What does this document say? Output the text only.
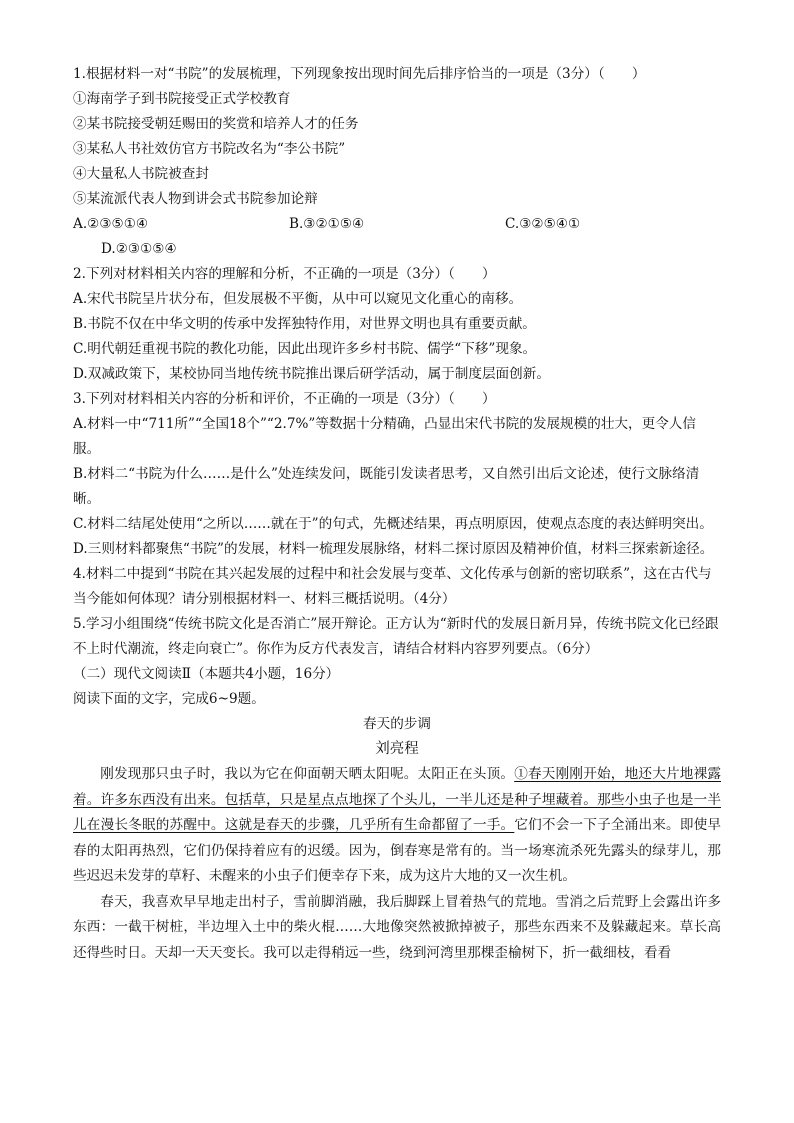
1.根据材料一对“书院”的发展梳理，下列现象按出现时间先后排序恰当的一项是（3分）（　　）
①海南学子到书院接受正式学校教育
②某书院接受朝廷赐田的奖赏和培养人才的任务
③某私人书社效仿官方书院改名为“李公书院”
④大量私人书院被查封
⑤某流派代表人物到讲会式书院参加论辩
A.②③⑤①④	B.③②①⑤④	C.③②⑤④①
D.②③①⑤④
2.下列对材料相关内容的理解和分析，不正确的一项是（3分）（　　）
A.宋代书院呈片状分布，但发展极不平衡，从中可以窥见文化重心的南移。
B.书院不仅在中华文明的传承中发挥独特作用，对世界文明也具有重要贡献。
C.明代朝廷重视书院的教化功能，因此出现许多乡村书院、儒学“下移”现象。
D.双减政策下，某校协同当地传统书院推出课后研学活动，属于制度层面创新。
3.下列对材料相关内容的分析和评价，不正确的一项是（3分）（　　）
A.材料一中“711所”“全国18个”“2.7%”等数据十分精确，凸显出宋代书院的发展规模的壮大，更令人信服。
B.材料二“书院为什么……是什么”处连续发问，既能引发读者思考，又自然引出后文论述，使行文脉络清晰。
C.材料二结尾处使用“之所以……就在于”的句式，先概述结果，再点明原因，使观点态度的表达鲜明突出。
D.三则材料都聚焦“书院”的发展，材料一梳理发展脉络，材料二探讨原因及精神价值，材料三探索新途径。
4.材料二中提到“书院在其兴起发展的过程中和社会发展与变革、文化传承与创新的密切联系”，这在古代与当今能如何体现？请分别根据材料一、材料三概括说明。（4分）
5.学习小组围绕“传统书院文化是否消亡”展开辩论。正方认为“新时代的发展日新月异，传统书院文化已经跟不上时代潮流，终走向衰亡”。你作为反方代表发言，请结合材料内容罗列要点。（6分）
（二）现代文阅读Ⅱ（本题共4小题，16分）
阅读下面的文字，完成6~9题。
春天的步调
刘亮程
刚发现那只虫子时，我以为它在仰面朝天晒太阳呢。太阳正在头顶。①春天刚刚开始，地还大片地裸露着。许多东西没有出来。包括草，只是星点点地探了个头儿，一半儿还是种子埋藏着。那些小虫子也是一半儿在漫长冬眠的苏醒中。这就是春天的步骤，几乎所有生命都留了一手。它们不会一下子全涌出来。即使早春的太阳再热烈，它们仍保持着应有的迟缓。因为，倒春寒是常有的。当一场寒流杀死先露头的绿芽儿，那些迟迟未发芽的草籽、未醒来的小虫子们便幸存下来，成为这片大地的又一次生机。
春天，我喜欢早早地走出村子，雪前脚消融，我后脚踩上冒着热气的荒地。雪消之后荒野上会露出许多东西：一截干树桩，半边埋入土中的柴火棍……大地像突然被掀掉被子，那些东西来不及躲藏起来。草长高还得些时日。天却一天天变长。我可以走得稍远一些，绕到河湾里那棵歪榆树下，折一截细枝，看看
